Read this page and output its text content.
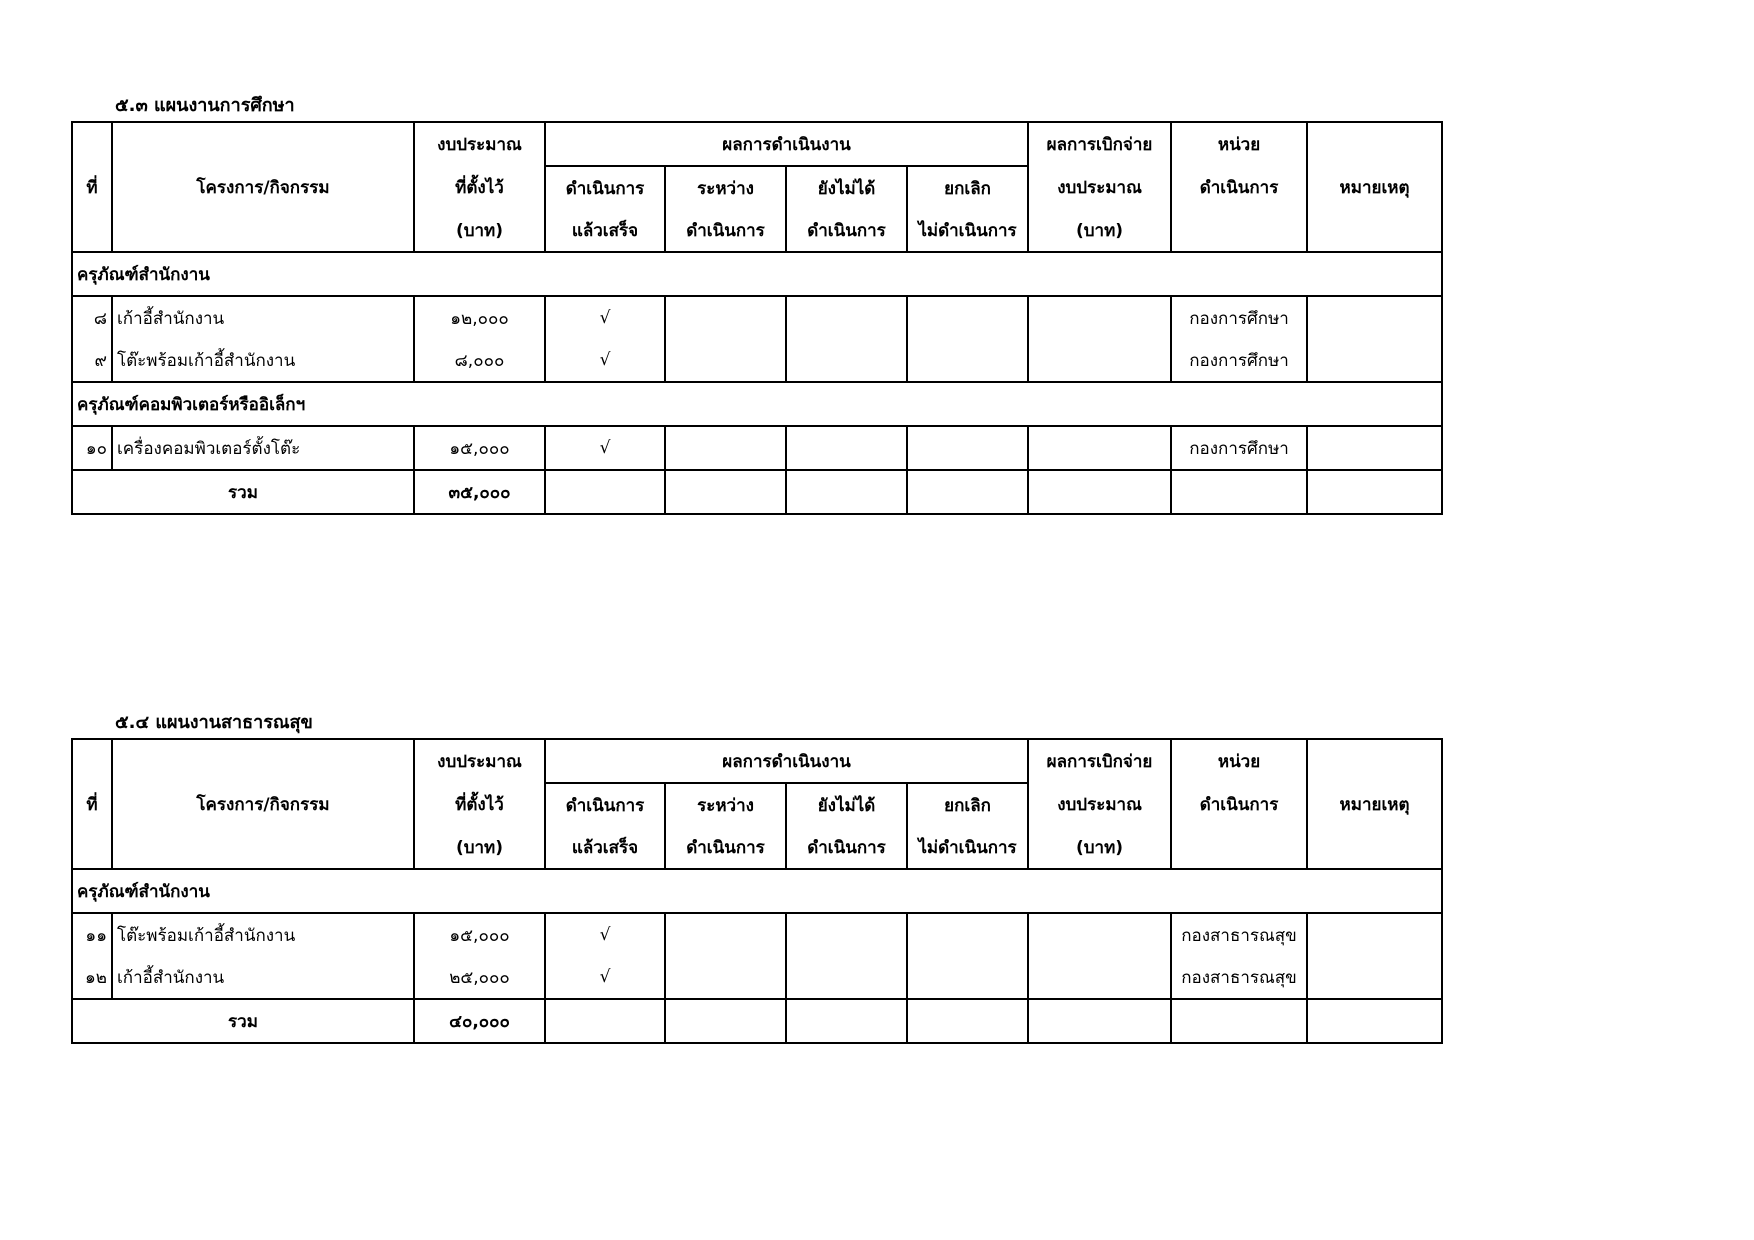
๕.๓ แผนงานการศึกษา
		งบประมาณ	ผลการดำเนินงาน				ผลการเบิกจ่าย	หน่วย	
ที่	โครงการ/กิจกรรม	ที่ตั้งไว้	ดำเนินการ	ระหว่าง	ยังไม่ได้	ยกเลิก	งบประมาณ	ดำเนินการ	หมายเหตุ
		(บาท)	แล้วเสร็จ	ดำเนินการ	ดำเนินการ	ไม่ดำเนินการ	(บาท)		
ครุภัณฑ์สำนักงาน									
๘	เก้าอี้สำนักงาน	๑๒,๐๐๐	√					กองการศึกษา	
๙	โต๊ะพร้อมเก้าอี้สำนักงาน	๘,๐๐๐	√					กองการศึกษา	
ครุภัณฑ์คอมพิวเตอร์หรืออิเล็กฯ									
๑๐	เครื่องคอมพิวเตอร์ตั้งโต๊ะ	๑๕,๐๐๐	√					กองการศึกษา	
รวม		๓๕,๐๐๐							
๕.๔ แผนงานสาธารณสุข
		งบประมาณ	ผลการดำเนินงาน				ผลการเบิกจ่าย	หน่วย	
ที่	โครงการ/กิจกรรม	ที่ตั้งไว้	ดำเนินการ	ระหว่าง	ยังไม่ได้	ยกเลิก	งบประมาณ	ดำเนินการ	หมายเหตุ
		(บาท)	แล้วเสร็จ	ดำเนินการ	ดำเนินการ	ไม่ดำเนินการ	(บาท)		
ครุภัณฑ์สำนักงาน									
๑๑	โต๊ะพร้อมเก้าอี้สำนักงาน	๑๕,๐๐๐	√					กองสาธารณสุข	
๑๒	เก้าอี้สำนักงาน	๒๕,๐๐๐	√					กองสาธารณสุข	
รวม		๔๐,๐๐๐							
